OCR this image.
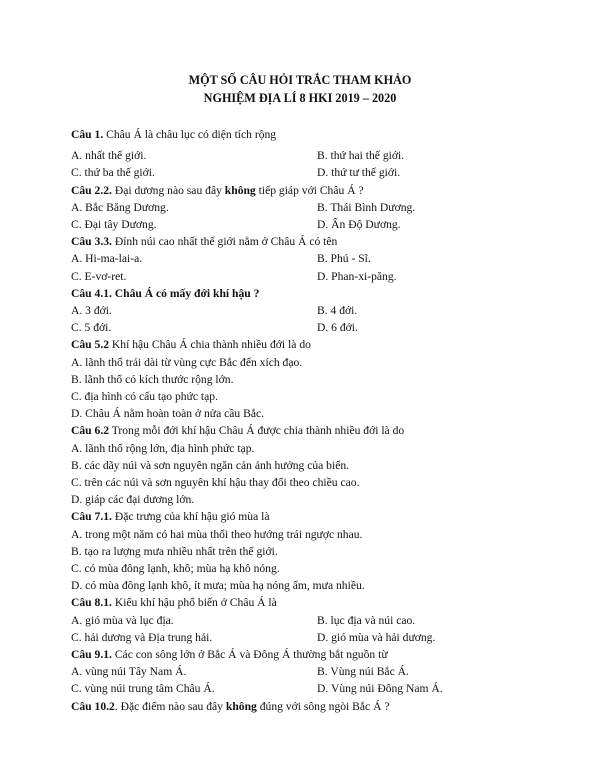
MỘT SỐ CÂU HỎI TRẮC THAM KHẢO
NGHIỆM ĐỊA LÍ 8 HKI 2019 – 2020
Câu 1. Châu Á là châu lục có diện tích rộng
A. nhất thế giới.	B. thứ hai thế giới.
C. thứ ba thế giới.	D. thứ tư thế giới.
Câu 2.2. Đại dương nào sau đây không tiếp giáp với Châu Á ?
A. Bắc Băng Dương.	B. Thái Bình Dương.
C. Đại tây Dương.	D. Ấn Độ Dương.
Câu 3.3. Đỉnh núi cao nhất thế giới nằm ở Châu Á có tên
A. Hi-ma-lai-a.	B. Phú - Sĩ.
C. E-vơ-ret.	D. Phan-xi-păng.
Câu 4.1. Châu Á có mấy đới khí hậu ?
A. 3 đới.	B. 4 đới.
C. 5 đới.	D. 6 đới.
Câu 5.2 Khí hậu Châu Á chia thành nhiều đới là do
A. lãnh thổ trải dài từ vùng cực Bắc đến xích đạo.
B. lãnh thổ có kích thước rộng lớn.
C. địa hình có cấu tạo phức tạp.
D. Châu Á nằm hoàn toàn ở nửa cầu Bắc.
Câu 6.2 Trong mỗi đới khí hậu Châu Á được chia thành nhiều đới là do
A. lãnh thổ rộng lớn, địa hình phức tạp.
B. các dãy núi và sơn nguyên ngăn cản ảnh hưởng của biển.
C. trên các núi và sơn nguyên khí hậu thay đổi theo chiều cao.
D. giáp các đại dương lớn.
Câu 7.1. Đặc trưng của khí hậu gió mùa là
A. trong một năm có hai mùa thổi theo hướng trái ngược nhau.
B. tạo ra lượng mưa nhiều nhất trên thế giới.
C. có mùa đông lạnh, khô; mùa hạ khô nóng.
D. có mùa đông lạnh khô, ít mưa; mùa hạ nóng ẩm, mưa nhiều.
Câu 8.1. Kiểu khí hậu phổ biến ở Châu Á là
A. gió mùa và lục địa.	B. lục địa và núi cao.
C. hải dương và Địa trung hải.	D. gió mùa và hải dương.
Câu 9.1. Các con sông lớn ở Bắc Á và Đông Á thường bắt nguồn từ
A. vùng núi Tây Nam Á.	B. Vùng núi Bắc Á.
C. vùng núi trung tâm Châu Á.	D. Vùng núi Đông Nam Á.
Câu 10.2. Đặc điểm nào sau đây không đúng với sông ngòi Bắc Á ?
